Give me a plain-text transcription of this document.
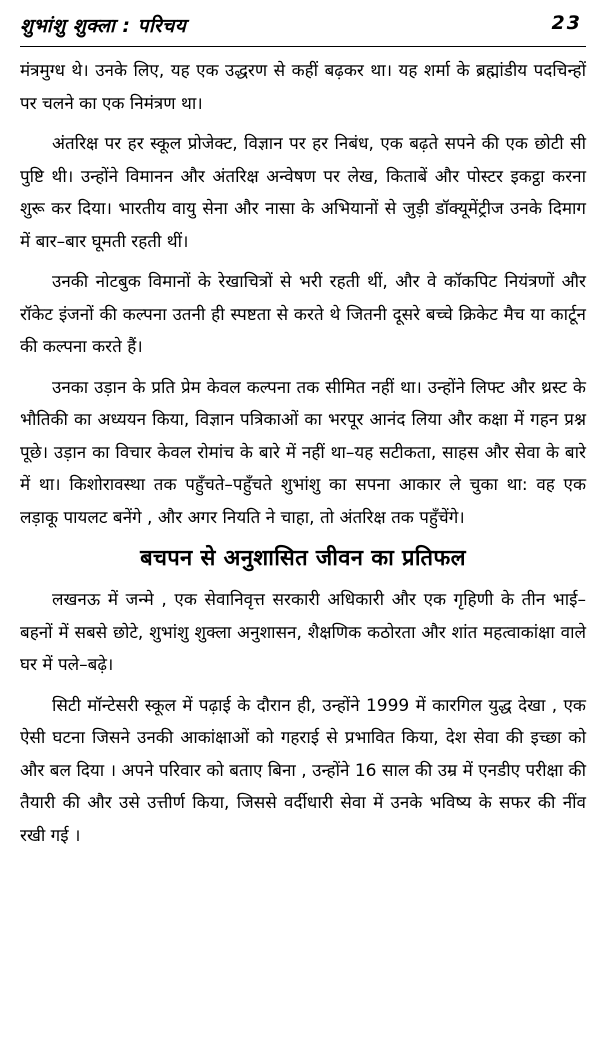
शुभांशु शुक्ला : परिचय	23

मंत्रमुग्ध थे। उनके लिए, यह एक उद्धरण से कहीं बढ़कर था। यह शर्मा के ब्रह्मांडीय पदचिन्हों पर चलने का एक निमंत्रण था।

अंतरिक्ष पर हर स्कूल प्रोजेक्ट, विज्ञान पर हर निबंध, एक बढ़ते सपने की एक छोटी सी पुष्टि थी। उन्होंने विमानन और अंतरिक्ष अन्वेषण पर लेख, किताबें और पोस्टर इकट्ठा करना शुरू कर दिया। भारतीय वायु सेना और नासा के अभियानों से जुड़ी डॉक्यूमेंट्रीज उनके दिमाग में बार–बार घूमती रहती थीं।

उनकी नोटबुक विमानों के रेखाचित्रों से भरी रहती थीं, और वे कॉकपिट नियंत्रणों और रॉकेट इंजनों की कल्पना उतनी ही स्पष्टता से करते थे जितनी दूसरे बच्चे क्रिकेट मैच या कार्टून की कल्पना करते हैं।

उनका उड़ान के प्रति प्रेम केवल कल्पना तक सीमित नहीं था। उन्होंने लिफ्ट और थ्रस्ट के भौतिकी का अध्ययन किया, विज्ञान पत्रिकाओं का भरपूर आनंद लिया और कक्षा में गहन प्रश्न पूछे। उड़ान का विचार केवल रोमांच के बारे में नहीं था–यह सटीकता, साहस और सेवा के बारे में था। किशोरावस्था तक पहुँचते–पहुँचते शुभांशु का सपना आकार ले चुका था: वह एक लड़ाकू पायलट बनेंगे , और अगर नियति ने चाहा, तो अंतरिक्ष तक पहुँचेंगे।

बचपन से अनुशासित जीवन का प्रतिफल

लखनऊ में जन्मे , एक सेवानिवृत्त सरकारी अधिकारी और एक गृहिणी के तीन भाई–बहनों में सबसे छोटे, शुभांशु शुक्ला अनुशासन, शैक्षणिक कठोरता और शांत महत्वाकांक्षा वाले घर में पले–बढ़े।

सिटी मॉन्टेसरी स्कूल में पढ़ाई के दौरान ही, उन्होंने 1999 में कारगिल युद्ध देखा , एक ऐसी घटना जिसने उनकी आकांक्षाओं को गहराई से प्रभावित किया, देश सेवा की इच्छा को और बल दिया । अपने परिवार को बताए बिना , उन्होंने 16 साल की उम्र में एनडीए परीक्षा की तैयारी की और उसे उत्तीर्ण किया, जिससे वर्दीधारी सेवा में उनके भविष्य के सफर की नींव रखी गई ।
